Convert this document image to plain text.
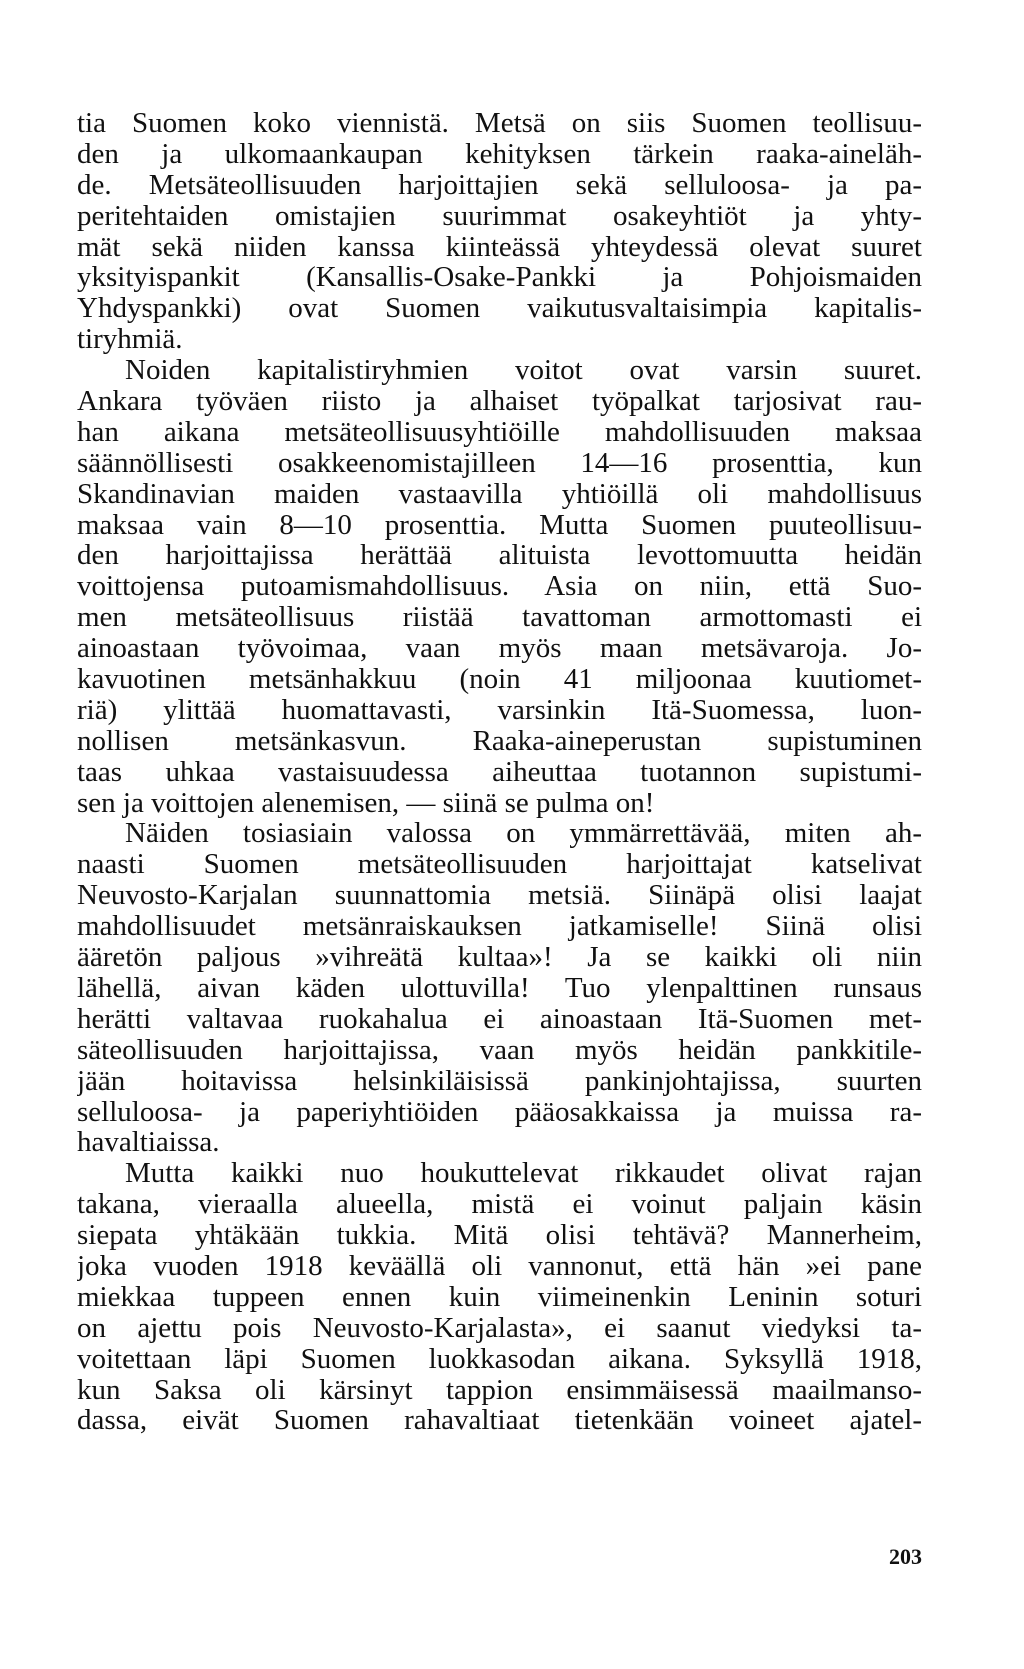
tia Suomen koko viennistä. Metsä on siis Suomen teollisuu-
den ja ulkomaankaupan kehityksen tärkein raaka-aineläh-
de. Metsäteollisuuden harjoittajien sekä selluloosa- ja pa-
peritehtaiden omistajien suurimmat osakeyhtiöt ja yhty-
mät sekä niiden kanssa kiinteässä yhteydessä olevat suuret
yksityispankit (Kansallis-Osake-Pankki ja Pohjoismaiden
Yhdyspankki) ovat Suomen vaikutusvaltaisimpia kapitalis-
tiryhmiä.
Noiden kapitalistiryhmien voitot ovat varsin suuret.
Ankara työväen riisto ja alhaiset työpalkat tarjosivat rau-
han aikana metsäteollisuusyhtiöille mahdollisuuden maksaa
säännöllisesti osakkeenomistajilleen 14—16 prosenttia, kun
Skandinavian maiden vastaavilla yhtiöillä oli mahdollisuus
maksaa vain 8—10 prosenttia. Mutta Suomen puuteollisuu-
den harjoittajissa herättää alituista levottomuutta heidän
voittojensa putoamismahdollisuus. Asia on niin, että Suo-
men metsäteollisuus riistää tavattoman armottomasti ei
ainoastaan työvoimaa, vaan myös maan metsävaroja. Jo-
kavuotinen metsänhakkuu (noin 41 miljoonaa kuutiomet-
riä) ylittää huomattavasti, varsinkin Itä-Suomessa, luon-
nollisen metsänkasvun. Raaka-aineperustan supistuminen
taas uhkaa vastaisuudessa aiheuttaa tuotannon supistumi-
sen ja voittojen alenemisen, — siinä se pulma on!
Näiden tosiasiain valossa on ymmärrettävää, miten ah-
naasti Suomen metsäteollisuuden harjoittajat katselivat
Neuvosto-Karjalan suunnattomia metsiä. Siinäpä olisi laajat
mahdollisuudet metsänraiskauksen jatkamiselle! Siinä olisi
ääretön paljous »vihreätä kultaa»! Ja se kaikki oli niin
lähellä, aivan käden ulottuvilla! Tuo ylenpalttinen runsaus
herätti valtavaa ruokahalua ei ainoastaan Itä-Suomen met-
säteollisuuden harjoittajissa, vaan myös heidän pankkitile-
jään hoitavissa helsinkiläisissä pankinjohtajissa, suurten
selluloosa- ja paperiyhtiöiden pääosakkaissa ja muissa ra-
havaltiaissa.
Mutta kaikki nuo houkuttelevat rikkaudet olivat rajan
takana, vieraalla alueella, mistä ei voinut paljain käsin
siepata yhtäkään tukkia. Mitä olisi tehtävä? Mannerheim,
joka vuoden 1918 keväällä oli vannonut, että hän »ei pane
miekkaa tuppeen ennen kuin viimeinenkin Leninin soturi
on ajettu pois Neuvosto-Karjalasta», ei saanut viedyksi ta-
voitettaan läpi Suomen luokkasodan aikana. Syksyllä 1918,
kun Saksa oli kärsinyt tappion ensimmäisessä maailmanso-
dassa, eivät Suomen rahavaltiaat tietenkään voineet ajatel-
203
